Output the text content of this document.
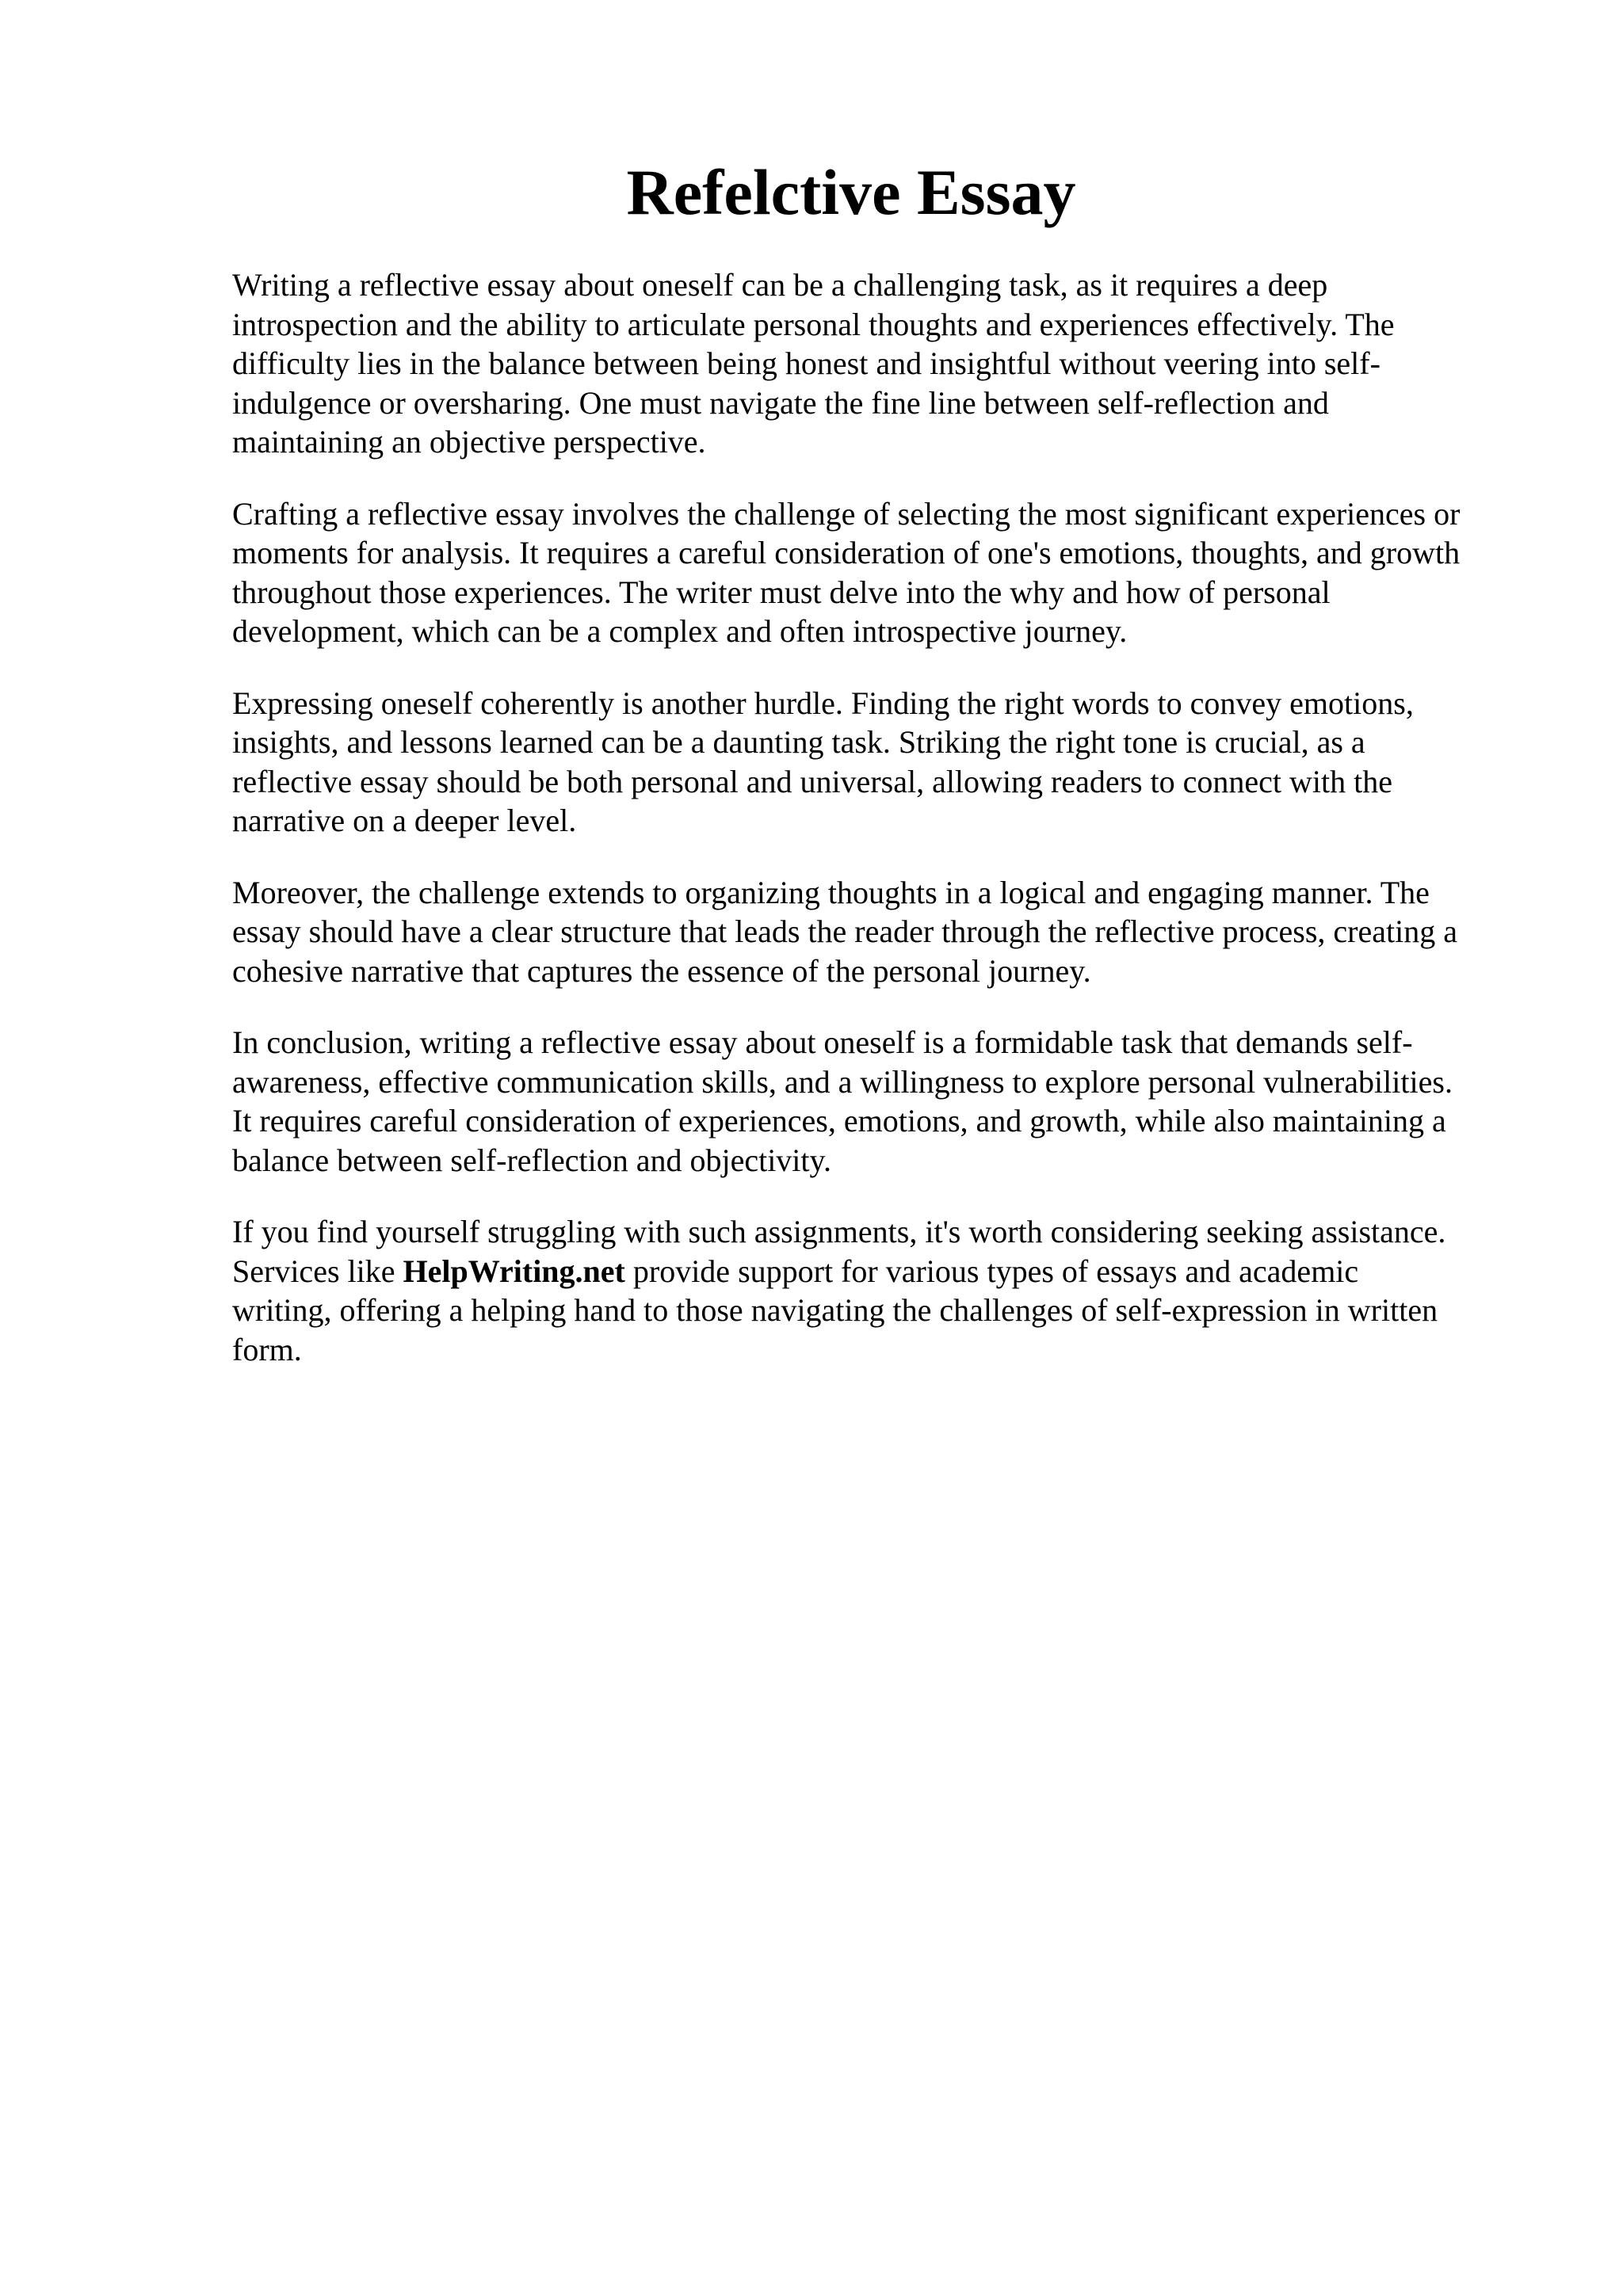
Refelctive Essay

Writing a reflective essay about oneself can be a challenging task, as it requires a deep
introspection and the ability to articulate personal thoughts and experiences effectively. The
difficulty lies in the balance between being honest and insightful without veering into self-
indulgence or oversharing. One must navigate the fine line between self-reflection and
maintaining an objective perspective.

Crafting a reflective essay involves the challenge of selecting the most significant experiences or
moments for analysis. It requires a careful consideration of one's emotions, thoughts, and growth
throughout those experiences. The writer must delve into the why and how of personal
development, which can be a complex and often introspective journey.

Expressing oneself coherently is another hurdle. Finding the right words to convey emotions,
insights, and lessons learned can be a daunting task. Striking the right tone is crucial, as a
reflective essay should be both personal and universal, allowing readers to connect with the
narrative on a deeper level.

Moreover, the challenge extends to organizing thoughts in a logical and engaging manner. The
essay should have a clear structure that leads the reader through the reflective process, creating a
cohesive narrative that captures the essence of the personal journey.

In conclusion, writing a reflective essay about oneself is a formidable task that demands self-
awareness, effective communication skills, and a willingness to explore personal vulnerabilities.
It requires careful consideration of experiences, emotions, and growth, while also maintaining a
balance between self-reflection and objectivity.

If you find yourself struggling with such assignments, it's worth considering seeking assistance.
Services like HelpWriting.net provide support for various types of essays and academic
writing, offering a helping hand to those navigating the challenges of self-expression in written
form.
